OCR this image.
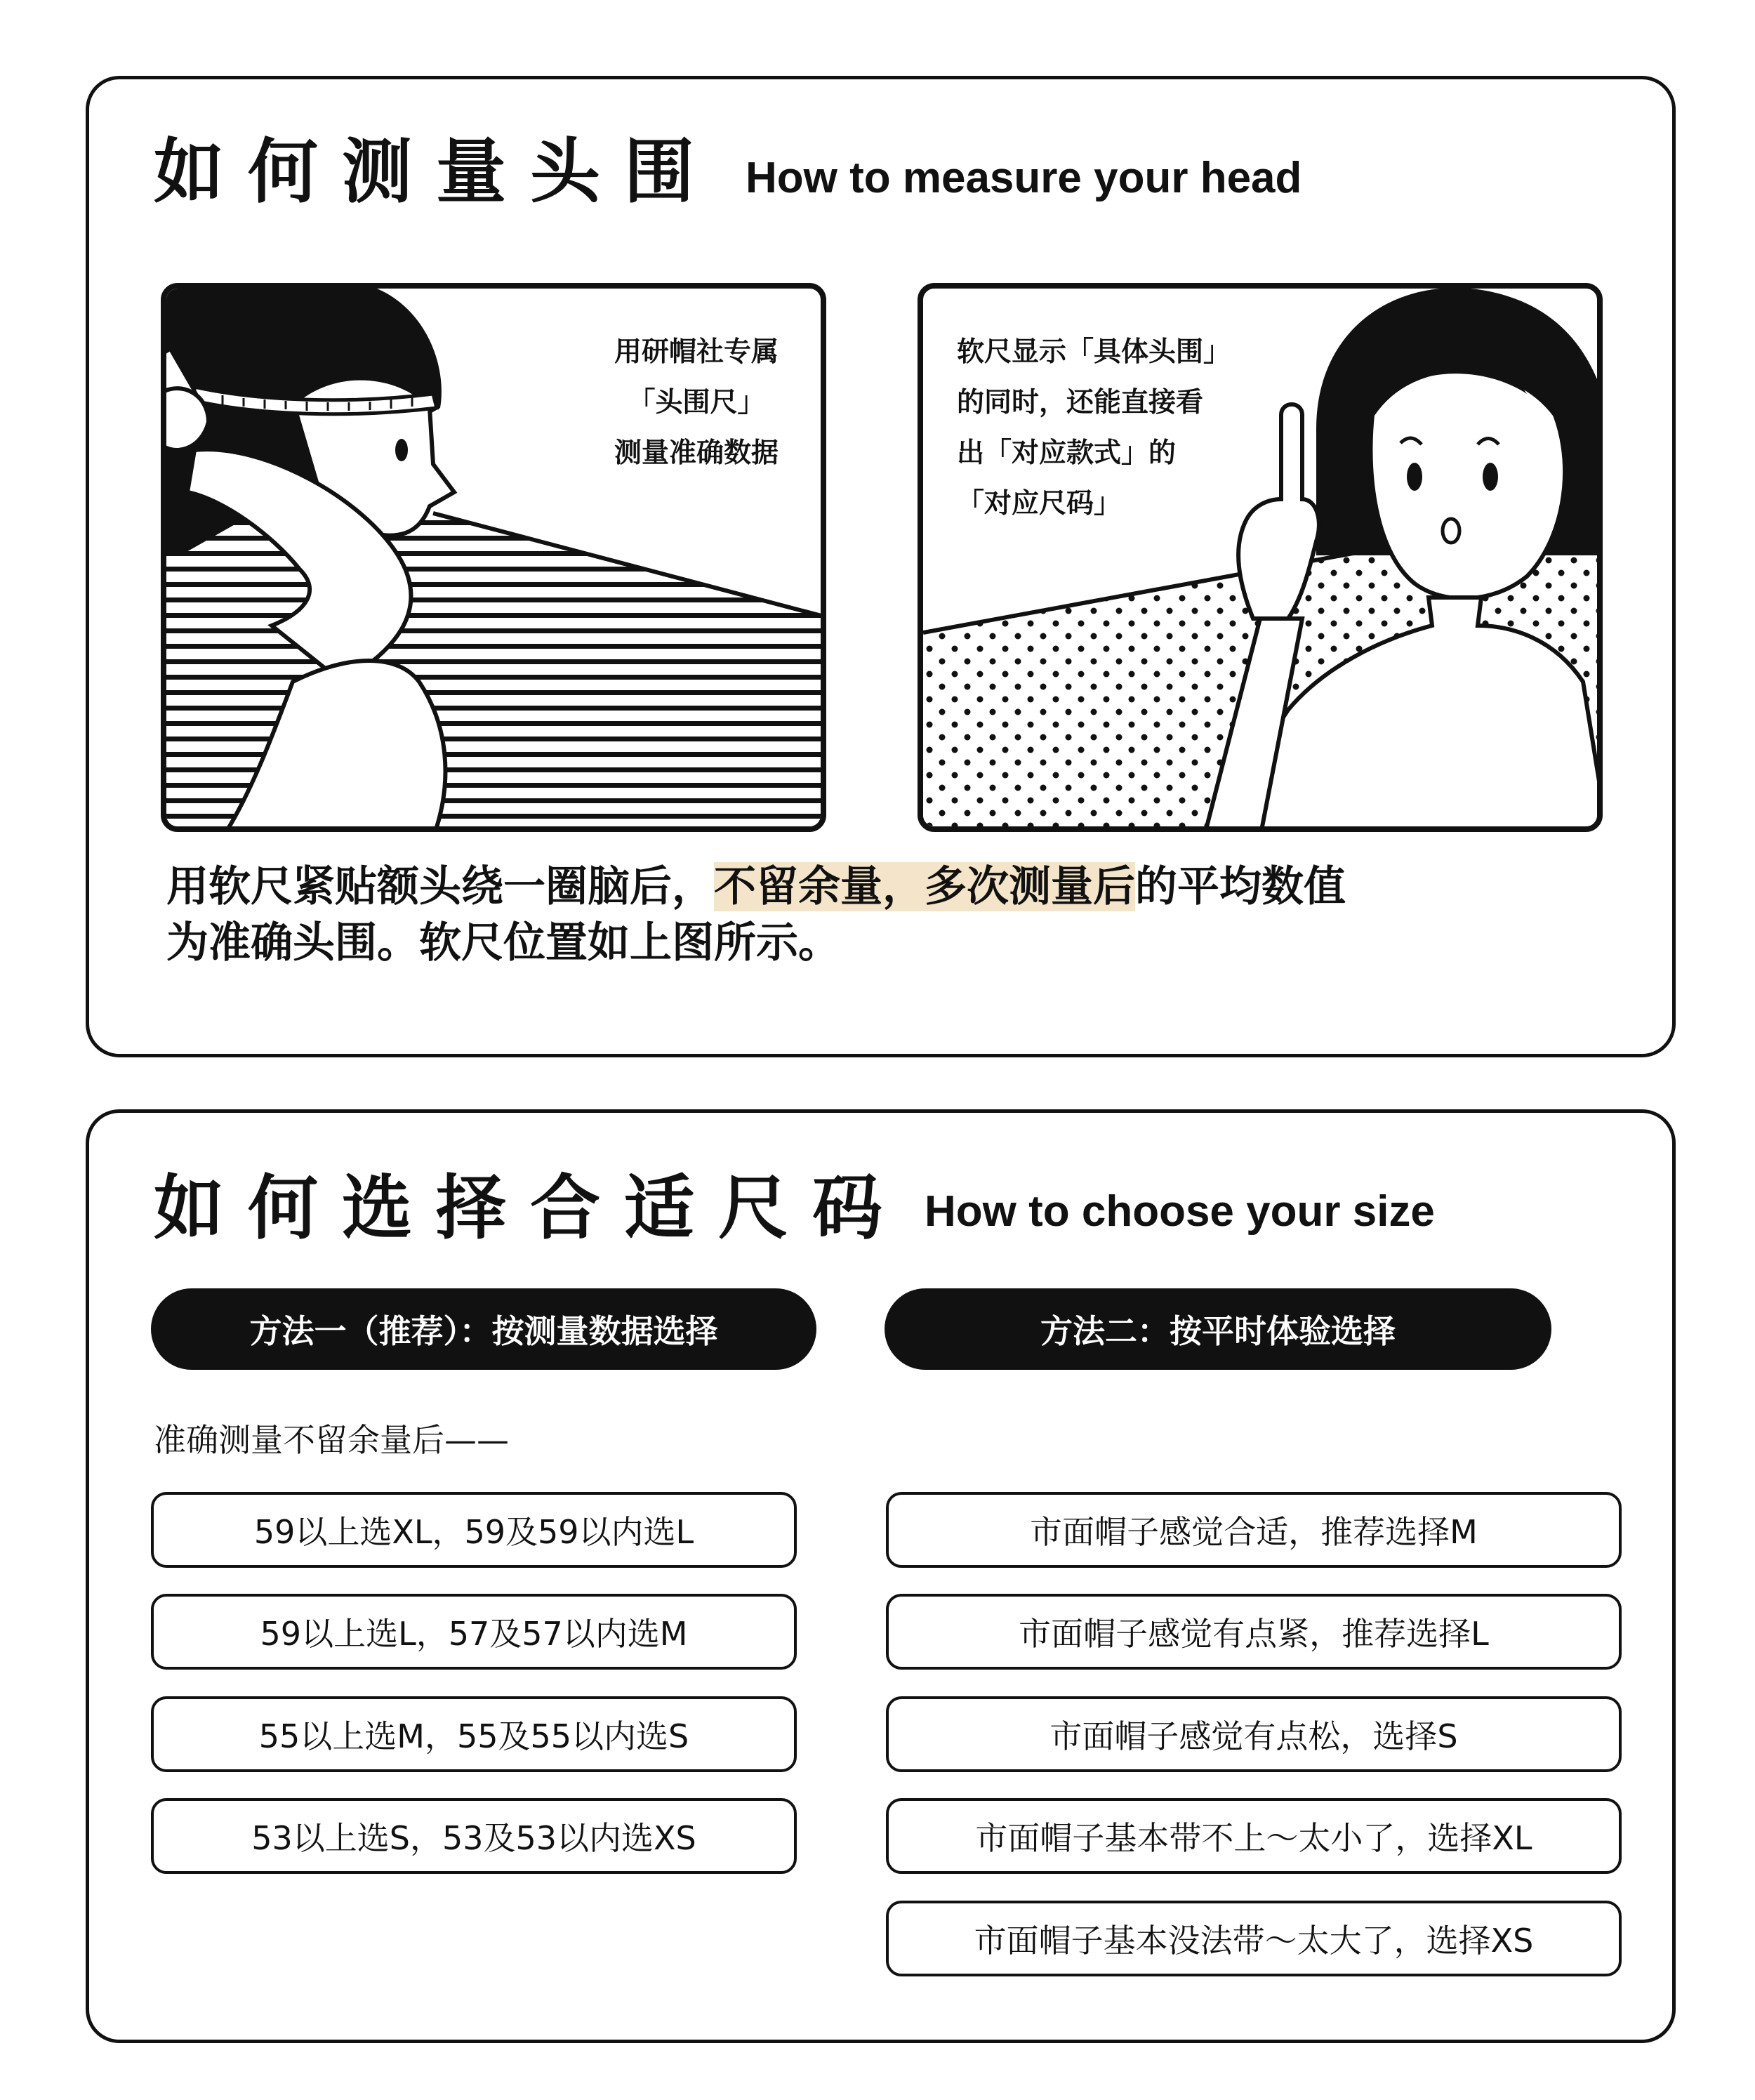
如何测量头围 How to measure your head
用研帽社专属
「头围尺」
测量准确数据
软尺显示「具体头围」
的同时，还能直接看
出「对应款式」的
「对应尺码」
用软尺紧贴额头绕一圈脑后，不留余量，多次测量后的平均数值
为准确头围。软尺位置如上图所示。
如何选择合适尺码 How to choose your size
方法一（推荐）：按测量数据选择	方法二：按平时体验选择
准确测量不留余量后——
59以上选XL，59及59以内选L
59以上选L，57及57以内选M
55以上选M，55及55以内选S
53以上选S，53及53以内选XS
市面帽子感觉合适，推荐选择M
市面帽子感觉有点紧，推荐选择L
市面帽子感觉有点松，选择S
市面帽子基本带不上～太小了，选择XL
市面帽子基本没法带～太大了，选择XS
